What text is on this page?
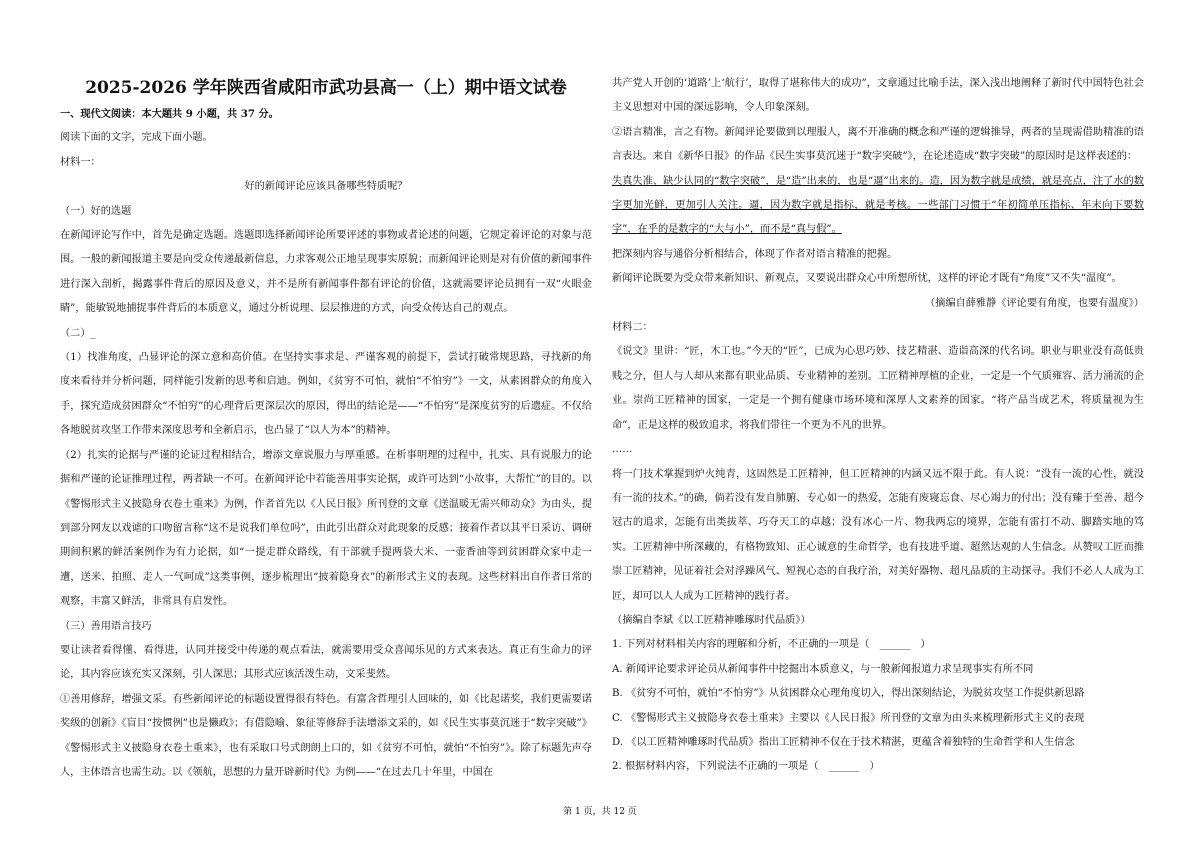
2025-2026 学年陕西省咸阳市武功县高一（上）期中语文试卷

一、现代文阅读：本大题共 9 小题，共 37 分。

阅读下面的文字，完成下面小题。

材料一：

好的新闻评论应该具备哪些特质呢？

（一）好的选题

在新闻评论写作中，首先是确定选题。选题即选择新闻评论所要评述的事物或者论述的问题，它规定着评论的对象与范围。一般的新闻报道主要是向受众传递最新信息，力求客观公正地呈现事实原貌；而新闻评论则是对有价值的新闻事件进行深入剖析，揭露事件背后的原因及意义，并不是所有新闻事件都有评论的价值，这就需要评论员拥有一双“火眼金睛”，能敏锐地捕捉事件背后的本质意义，通过分析说理、层层推进的方式，向受众传达自己的观点。

（二）_

（1）找准角度，凸显评论的深立意和高价值。在坚持实事求是、严谨客观的前提下，尝试打破常规思路，寻找新的角度来看待并分析问题，同样能引发新的思考和启迪。例如，《贫穷不可怕，就怕“不怕穷”》一文，从素困群众的角度入手，探究造成贫困群众“不怕穷”的心理背后更深层次的原因，得出的结论是——“不怕穷”是深度贫穷的后遗症。不仅给各地脱贫攻坚工作带来深度思考和全新启示，也凸显了“以人为本”的精神。

（2）扎实的论据与严谨的论证过程相结合，增添文章说服力与厚重感。在析事明理的过程中，扎实、具有说服力的论据和严谨的论证推理过程，两者缺一不可。在新闻评论中若能善用事实论据，或许可达到“小故事，大帮忙”的目的。以《警惕形式主义披隐身衣卷土重来》为例，作者首先以《人民日报》所刊登的文章《送温暖无需兴师动众》为由头，提到部分网友以戏谑的口吻留言称“这不是说我们单位吗”，由此引出群众对此现象的反感；接着作者以其平日采访、调研期间积累的鲜活案例作为有力论据，如“一提走群众路线，有干部就手提两袋大米、一壶香油等到贫困群众家中走一遭，送米、拍照、走人一气呵成”这类事例，逐步梳理出“披着隐身衣”的新形式主义的表现。这些材料出自作者日常的观察，丰富又鲜活，非常具有启发性。

（三）善用语言技巧

要让读者看得懂、看得进，认同并接受中传递的观点看法，就需要用受众喜闻乐见的方式来表达。真正有生命力的评论，其内容应该充实又深刻，引人深思；其形式应该活泼生动，文采斐然。

①善用修辞，增强文采。有些新闻评论的标题设置得很有特色。有富含哲理引人回味的，如《比起诺奖，我们更需要诺奖级的创新》《盲目“按惯例”也是懒政》；有借隐喻、象征等修辞手法增添文采的，如《民生实事莫沉迷于“数字突破”》《警惕形式主义披隐身衣卷土重来》，也有采取口号式朗朗上口的，如《贫穷不可怕，就怕“不怕穷”》。除了标题先声夺人，主体语言也需生动。以《领航，思想的力量开辟新时代》为例——“在过去几十年里，中国在

共产党人开创的‘道路’上‘航行’，取得了堪称伟大的成功”，文章通过比喻手法，深入浅出地阐释了新时代中国特色社会主义思想对中国的深远影响，令人印象深刻。

②语言精准，言之有物。新闻评论要做到以理服人，离不开准确的概念和严谨的逻辑推导，两者的呈现需借助精准的语言表达。来自《新华日报》的作品《民生实事莫沉迷于“数字突破”》，在论述造成“数字突破”的原因时是这样表述的：

失真失准、缺少认同的“数字突破”，是“造”出来的，也是“逼”出来的。造，因为数字就是成绩，就是亮点，注了水的数字更加光鲜，更加引人关注。逼，因为数字就是指标，就是考核。一些部门习惯于“年初简单压指标、年末向下要数字”，在乎的是数字的“大与小”，而不是“真与假”。

把深刻内容与通俗分析相结合，体现了作者对语言精准的把握。

新闻评论既要为受众带来新知识、新观点，又要说出群众心中所想所忧，这样的评论才既有“角度”又不失“温度”。

（摘编自薛雅静《评论要有角度，也要有温度》）

材料二：

《说文》里讲：“匠，木工也。”今天的“匠”，已成为心思巧妙、技艺精湛、造诣高深的代名词。职业与职业没有高低贵贱之分，但人与人却从来都有职业品质、专业精神的差别。工匠精神厚植的企业，一定是一个气质雍容、活力涌流的企业。崇尚工匠精神的国家，一定是一个拥有健康市场环境和深厚人文素养的国家。“将产品当成艺术，将质量视为生命”，正是这样的极致追求，将我们带往一个更为不凡的世界。

……

将一门技术掌握到炉火纯青，这固然是工匠精神，但工匠精神的内涵又远不限于此。有人说：“没有一流的心性，就没有一流的技术。”的确，倘若没有发自肺腑、专心如一的热爱，怎能有废寝忘食、尽心竭力的付出；没有臻于至善、超今冠古的追求，怎能有出类拔萃、巧夺天工的卓越；没有冰心一片、物我两忘的境界，怎能有雷打不动、脚踏实地的笃实。工匠精神中所深藏的，有格物致知、正心诚意的生命哲学，也有技进乎道、超然达观的人生信念。从赞叹工匠而推崇工匠精神，见证着社会对浮躁风气、短视心态的自我疗治，对美好器物、超凡品质的主动探寻。我们不必人人成为工匠，却可以人人成为工匠精神的践行者。

（摘编自李斌《以工匠精神雕琢时代品质》）

1. 下列对材料相关内容的理解和分析，不正确的一项是（　______　）

A. 新闻评论要求评论员从新闻事件中挖掘出本质意义，与一般新闻报道力求呈现事实有所不同

B. 《贫穷不可怕，就怕“不怕穷”》从贫困群众心理角度切入，得出深刻结论，为脱贫攻坚工作提供新思路

C. 《警惕形式主义披隐身衣卷土重来》主要以《人民日报》所刊登的文章为由头来梳理新形式主义的表现

D. 《以工匠精神雕琢时代品质》指出工匠精神不仅在于技术精湛，更蕴含着独特的生命哲学和人生信念

2. 根据材料内容，下列说法不正确的一项是（　______　）

第 1 页，共 12 页
